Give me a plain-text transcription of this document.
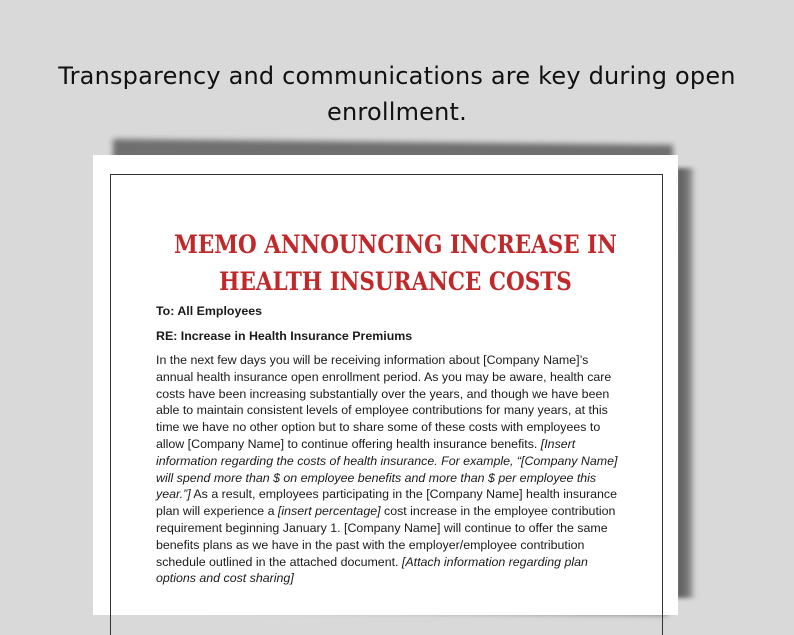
Transparency and communications are key during open
enrollment.
MEMO ANNOUNCING INCREASE IN
HEALTH INSURANCE COSTS

To: All Employees

RE: Increase in Health Insurance Premiums

In the next few days you will be receiving information about [Company Name]’s annual health insurance open enrollment period. As you may be aware, health care costs have been increasing substantially over the years, and though we have been able to maintain consistent levels of employee contributions for many years, at this time we have no other option but to share some of these costs with employees to allow [Company Name] to continue offering health insurance benefits. [Insert information regarding the costs of health insurance. For example, “[Company Name] will spend more than $ on employee benefits and more than $ per employee this year.”] As a result, employees participating in the [Company Name] health insurance plan will experience a [insert percentage] cost increase in the employee contribution requirement beginning January 1. [Company Name] will continue to offer the same benefits plans as we have in the past with the employer/employee contribution schedule outlined in the attached document. [Attach information regarding plan options and cost sharing]
